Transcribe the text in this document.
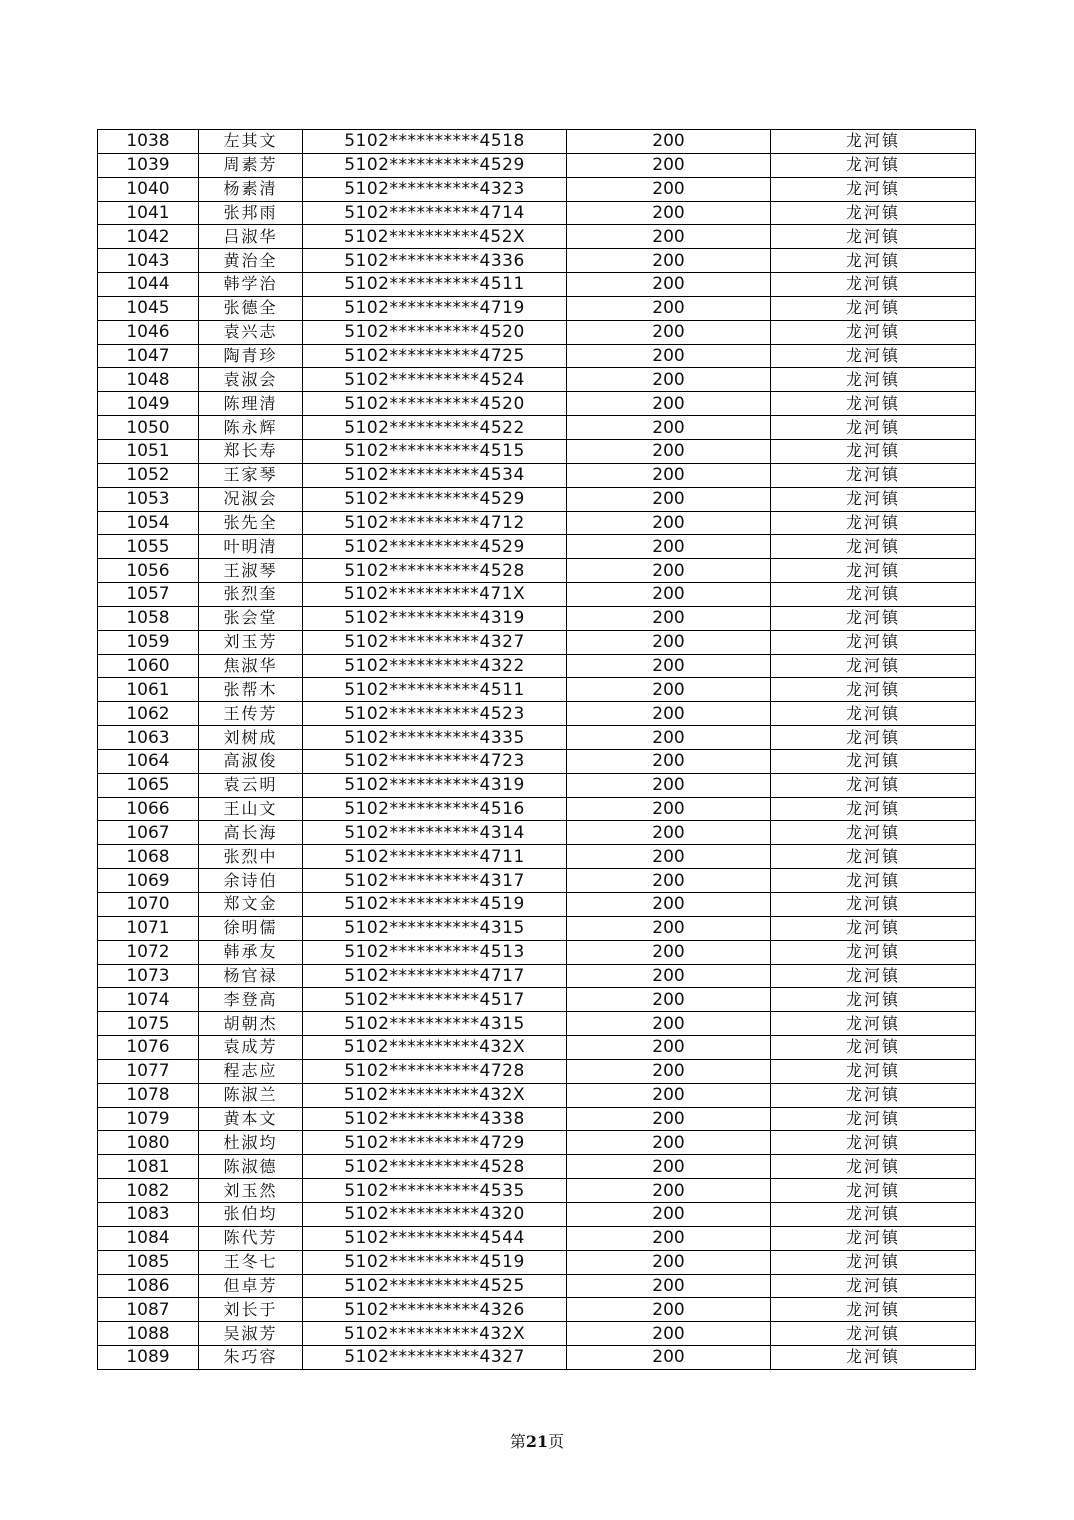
1038	左其文	5102**********4518	200	龙河镇
1039	周素芳	5102**********4529	200	龙河镇
1040	杨素清	5102**********4323	200	龙河镇
1041	张邦雨	5102**********4714	200	龙河镇
1042	吕淑华	5102**********452X	200	龙河镇
1043	黄治全	5102**********4336	200	龙河镇
1044	韩学治	5102**********4511	200	龙河镇
1045	张德全	5102**********4719	200	龙河镇
1046	袁兴志	5102**********4520	200	龙河镇
1047	陶青珍	5102**********4725	200	龙河镇
1048	袁淑会	5102**********4524	200	龙河镇
1049	陈理清	5102**********4520	200	龙河镇
1050	陈永辉	5102**********4522	200	龙河镇
1051	郑长寿	5102**********4515	200	龙河镇
1052	王家琴	5102**********4534	200	龙河镇
1053	况淑会	5102**********4529	200	龙河镇
1054	张先全	5102**********4712	200	龙河镇
1055	叶明清	5102**********4529	200	龙河镇
1056	王淑琴	5102**********4528	200	龙河镇
1057	张烈奎	5102**********471X	200	龙河镇
1058	张会堂	5102**********4319	200	龙河镇
1059	刘玉芳	5102**********4327	200	龙河镇
1060	焦淑华	5102**********4322	200	龙河镇
1061	张帮木	5102**********4511	200	龙河镇
1062	王传芳	5102**********4523	200	龙河镇
1063	刘树成	5102**********4335	200	龙河镇
1064	高淑俊	5102**********4723	200	龙河镇
1065	袁云明	5102**********4319	200	龙河镇
1066	王山文	5102**********4516	200	龙河镇
1067	高长海	5102**********4314	200	龙河镇
1068	张烈中	5102**********4711	200	龙河镇
1069	余诗伯	5102**********4317	200	龙河镇
1070	郑文金	5102**********4519	200	龙河镇
1071	徐明儒	5102**********4315	200	龙河镇
1072	韩承友	5102**********4513	200	龙河镇
1073	杨官禄	5102**********4717	200	龙河镇
1074	李登高	5102**********4517	200	龙河镇
1075	胡朝杰	5102**********4315	200	龙河镇
1076	袁成芳	5102**********432X	200	龙河镇
1077	程志应	5102**********4728	200	龙河镇
1078	陈淑兰	5102**********432X	200	龙河镇
1079	黄本文	5102**********4338	200	龙河镇
1080	杜淑均	5102**********4729	200	龙河镇
1081	陈淑德	5102**********4528	200	龙河镇
1082	刘玉然	5102**********4535	200	龙河镇
1083	张伯均	5102**********4320	200	龙河镇
1084	陈代芳	5102**********4544	200	龙河镇
1085	王冬七	5102**********4519	200	龙河镇
1086	但卓芳	5102**********4525	200	龙河镇
1087	刘长于	5102**********4326	200	龙河镇
1088	吴淑芳	5102**********432X	200	龙河镇
1089	朱巧容	5102**********4327	200	龙河镇
第21页
